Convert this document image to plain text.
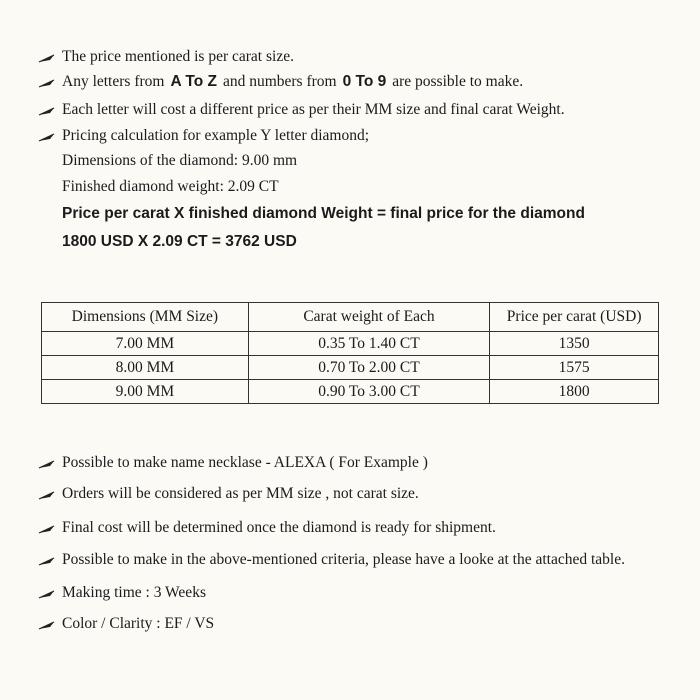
The price mentioned is per carat size.
Any letters from A To Z and numbers from 0 To 9 are possible to make.
Each letter will cost a different price as per their MM size and final carat Weight.
Pricing calculation for example Y letter diamond;
Dimensions of the diamond: 9.00 mm
Finished diamond weight: 2.09 CT
Price per carat X finished diamond Weight = final price for the diamond
1800 USD X 2.09 CT = 3762 USD
Dimensions (MM Size)	Carat weight of Each	Price per carat (USD)
7.00 MM	0.35 To 1.40 CT	1350
8.00 MM	0.70 To 2.00 CT	1575
9.00 MM	0.90 To 3.00 CT	1800
Possible to make name necklase - ALEXA ( For Example )
Orders will be considered as per MM size , not carat size.
Final cost will be determined once the diamond is ready for shipment.
Possible to make in the above-mentioned criteria, please have a looke at the attached table.
Making time : 3 Weeks
Color / Clarity : EF / VS
